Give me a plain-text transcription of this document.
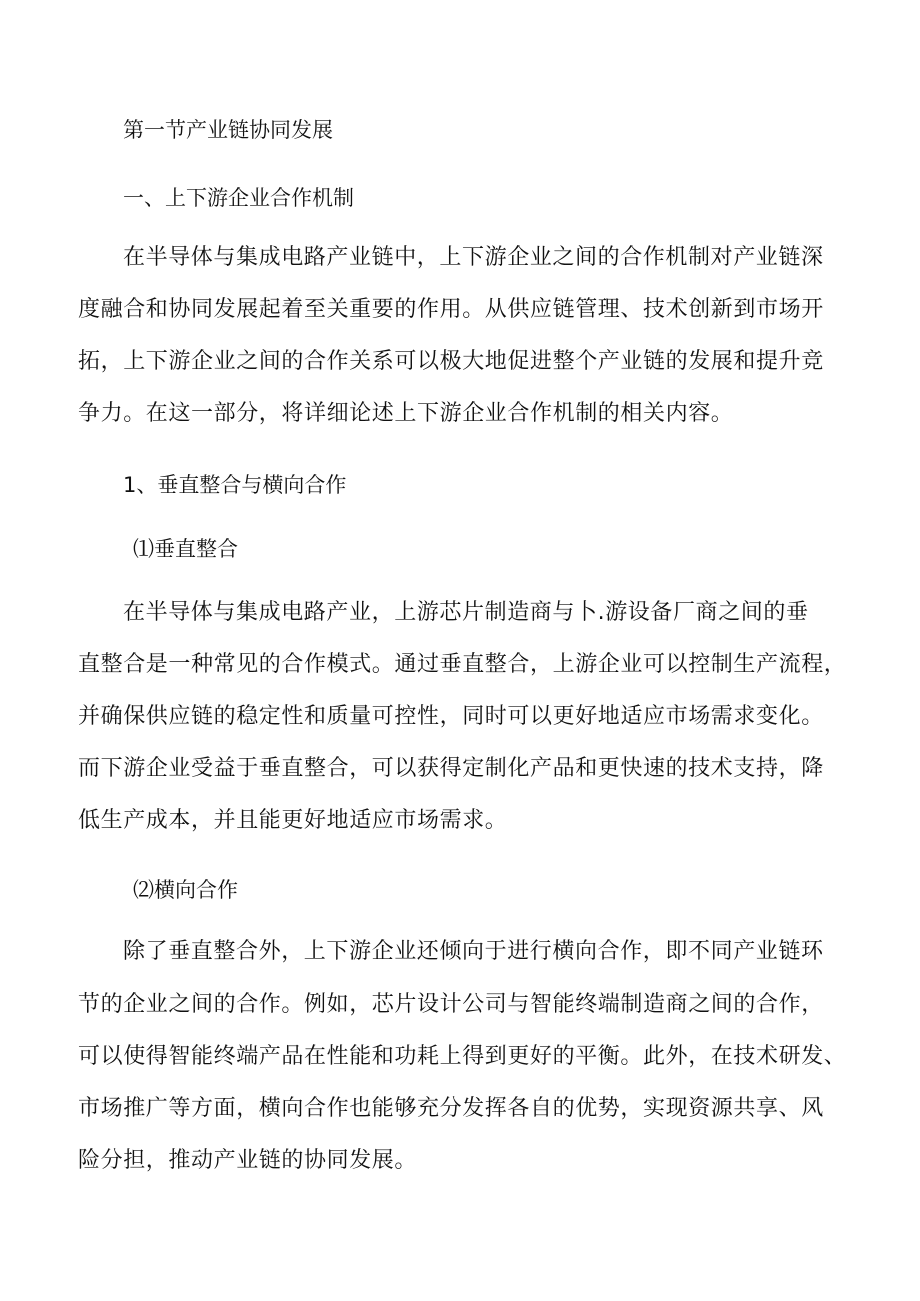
第一节产业链协同发展
一、上下游企业合作机制
在半导体与集成电路产业链中，上下游企业之间的合作机制对产业链深
度融合和协同发展起着至关重要的作用。从供应链管理、技术创新到市场开
拓，上下游企业之间的合作关系可以极大地促进整个产业链的发展和提升竞
争力。在这一部分，将详细论述上下游企业合作机制的相关内容。
1、垂直整合与横向合作
⑴垂直整合
在半导体与集成电路产业，上游芯片制造商与卜.游设备厂商之间的垂
直整合是一种常见的合作模式。通过垂直整合，上游企业可以控制生产流程，
并确保供应链的稳定性和质量可控性，同时可以更好地适应市场需求变化。
而下游企业受益于垂直整合，可以获得定制化产品和更快速的技术支持，降
低生产成本，并且能更好地适应市场需求。
⑵横向合作
除了垂直整合外，上下游企业还倾向于进行横向合作，即不同产业链环
节的企业之间的合作。例如，芯片设计公司与智能终端制造商之间的合作，
可以使得智能终端产品在性能和功耗上得到更好的平衡。此外，在技术研发、
市场推广等方面，横向合作也能够充分发挥各自的优势，实现资源共享、风
险分担，推动产业链的协同发展。
